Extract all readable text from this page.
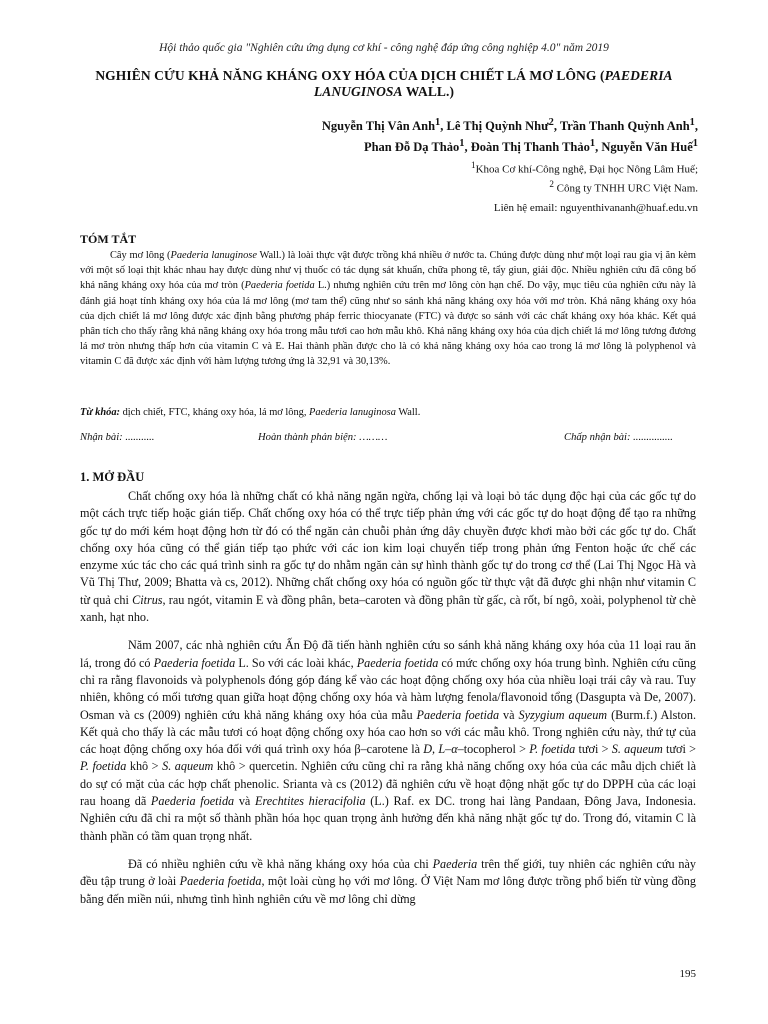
Hội thảo quốc gia "Nghiên cứu ứng dụng cơ khí - công nghệ đáp ứng công nghiệp 4.0" năm 2019
NGHIÊN CỨU KHẢ NĂNG KHÁNG OXY HÓA CỦA DỊCH CHIẾT LÁ MƠ LÔNG (PAEDERIA LANUGINOSA WALL.)
Nguyễn Thị Vân Anh$^1$, Lê Thị Quỳnh Như$^2$, Trần Thanh Quỳnh Anh$^1$,
Phan Đỗ Dạ Thảo$^1$, Đoàn Thị Thanh Thảo$^1$, Nguyễn Văn Huế$^1$
$^1$Khoa Cơ khí-Công nghệ, Đại học Nông Lâm Huế;
$^2$ Công ty TNHH URC Việt Nam.
Liên hệ email: nguyenthivananh@huaf.edu.vn
TÓM TẮT

Cây mơ lông (Paederia lanuginose Wall.) là loài thực vật được trồng khá nhiều ở nước ta. Chúng được dùng như một loại rau gia vị ăn kèm với một số loại thịt khác nhau hay được dùng như vị thuốc có tác dụng sát khuẩn, chữa phong tê, tẩy giun, giải độc. Nhiều nghiên cứu đã công bố khả năng kháng oxy hóa của mơ tròn (Paederia foetida L.) nhưng nghiên cứu trên mơ lông còn hạn chế. Do vậy, mục tiêu của nghiên cứu này là đánh giá hoạt tính kháng oxy hóa của lá mơ lông (mơ tam thể) cũng như so sánh khả năng kháng oxy hóa với mơ tròn. Khả năng kháng oxy hóa của dịch chiết lá mơ lông được xác định bằng phương pháp ferric thiocyanate (FTC) và được so sánh với các chất kháng oxy hóa khác. Kết quả phân tích cho thấy rằng khả năng kháng oxy hóa trong mẫu tươi cao hơn mẫu khô. Khả năng kháng oxy hóa của dịch chiết lá mơ lông tương đương lá mơ tròn nhưng thấp hơn của vitamin C và E. Hai thành phần được cho là có khả năng kháng oxy hóa cao trong lá mơ lông là polyphenol và vitamin C đã được xác định với hàm lượng tương ứng là 32,91 và 30,13%.

Từ khóa: dịch chiết, FTC, kháng oxy hóa, lá mơ lông, Paederia lanuginosa Wall.
Nhận bài: ...........	Hoàn thành phản biện: ………	Chấp nhận bài: ...............
1. MỞ ĐẦU

Chất chống oxy hóa là những chất có khả năng ngăn ngừa, chống lại và loại bỏ tác dụng độc hại của các gốc tự do một cách trực tiếp hoặc gián tiếp. Chất chống oxy hóa có thể trực tiếp phản ứng với các gốc tự do hoạt động để tạo ra những gốc tự do mới kém hoạt động hơn từ đó có thể ngăn cản chuỗi phản ứng dây chuyền được khơi mào bởi các gốc tự do. Chất chống oxy hóa cũng có thể gián tiếp tạo phức với các ion kim loại chuyển tiếp trong phản ứng Fenton hoặc ức chế các enzyme xúc tác cho các quá trình sinh ra gốc tự do nhằm ngăn cản sự hình thành gốc tự do trong cơ thể (Lai Thị Ngọc Hà và Vũ Thị Thư, 2009; Bhatta và cs, 2012). Những chất chống oxy hóa có nguồn gốc từ thực vật đã được ghi nhận như vitamin C từ quả chi Citrus, rau ngót, vitamin E và đồng phân, beta–caroten và đồng phân từ gấc, cà rốt, bí ngô, xoài, polyphenol từ chè xanh, hạt nho.

Năm 2007, các nhà nghiên cứu Ấn Độ đã tiến hành nghiên cứu so sánh khả năng kháng oxy hóa của 11 loại rau ăn lá, trong đó có Paederia foetida L. So với các loài khác, Paederia foetida có mức chống oxy hóa trung bình. Nghiên cứu cũng chỉ ra rằng flavonoids và polyphenols đóng góp đáng kể vào các hoạt động chống oxy hóa của nhiều loại trái cây và rau. Tuy nhiên, không có mối tương quan giữa hoạt động chống oxy hóa và hàm lượng fenola/flavonoid tổng (Dasgupta và De, 2007). Osman và cs (2009) nghiên cứu khả năng kháng oxy hóa của mẫu Paederia foetida và Syzygium aqueum (Burm.f.) Alston. Kết quả cho thấy là các mẫu tươi có hoạt động chống oxy hóa cao hơn so với các mẫu khô. Trong nghiên cứu này, thứ tự của các hoạt động chống oxy hóa đối với quá trình oxy hóa β–carotene là D, L–α–tocopherol > P. foetida tươi > S. aqueum tươi > P. foetida khô > S. aqueum khô > quercetin. Nghiên cứu cũng chỉ ra rằng khả năng chống oxy hóa của các mẫu dịch chiết là do sự có mặt của các hợp chất phenolic. Srianta và cs (2012) đã nghiên cứu về hoạt động nhặt gốc tự do DPPH của các loại rau hoang dã Paederia foetida và Erechtites hieracifolia (L.) Raf. ex DC. trong hai làng Pandaan, Đông Java, Indonesia. Nghiên cứu đã chỉ ra một số thành phần hóa học quan trọng ảnh hưởng đến khả năng nhặt gốc tự do. Trong đó, vitamin C là thành phần có tầm quan trọng nhất.

Đã có nhiều nghiên cứu về khả năng kháng oxy hóa của chi Paederia trên thế giới, tuy nhiên các nghiên cứu này đều tập trung ở loài Paederia foetida, một loài cùng họ với mơ lông. Ở Việt Nam mơ lông được trồng phổ biến từ vùng đồng bằng đến miền núi, nhưng tình hình nghiên cứu về mơ lông chỉ dừng

195
